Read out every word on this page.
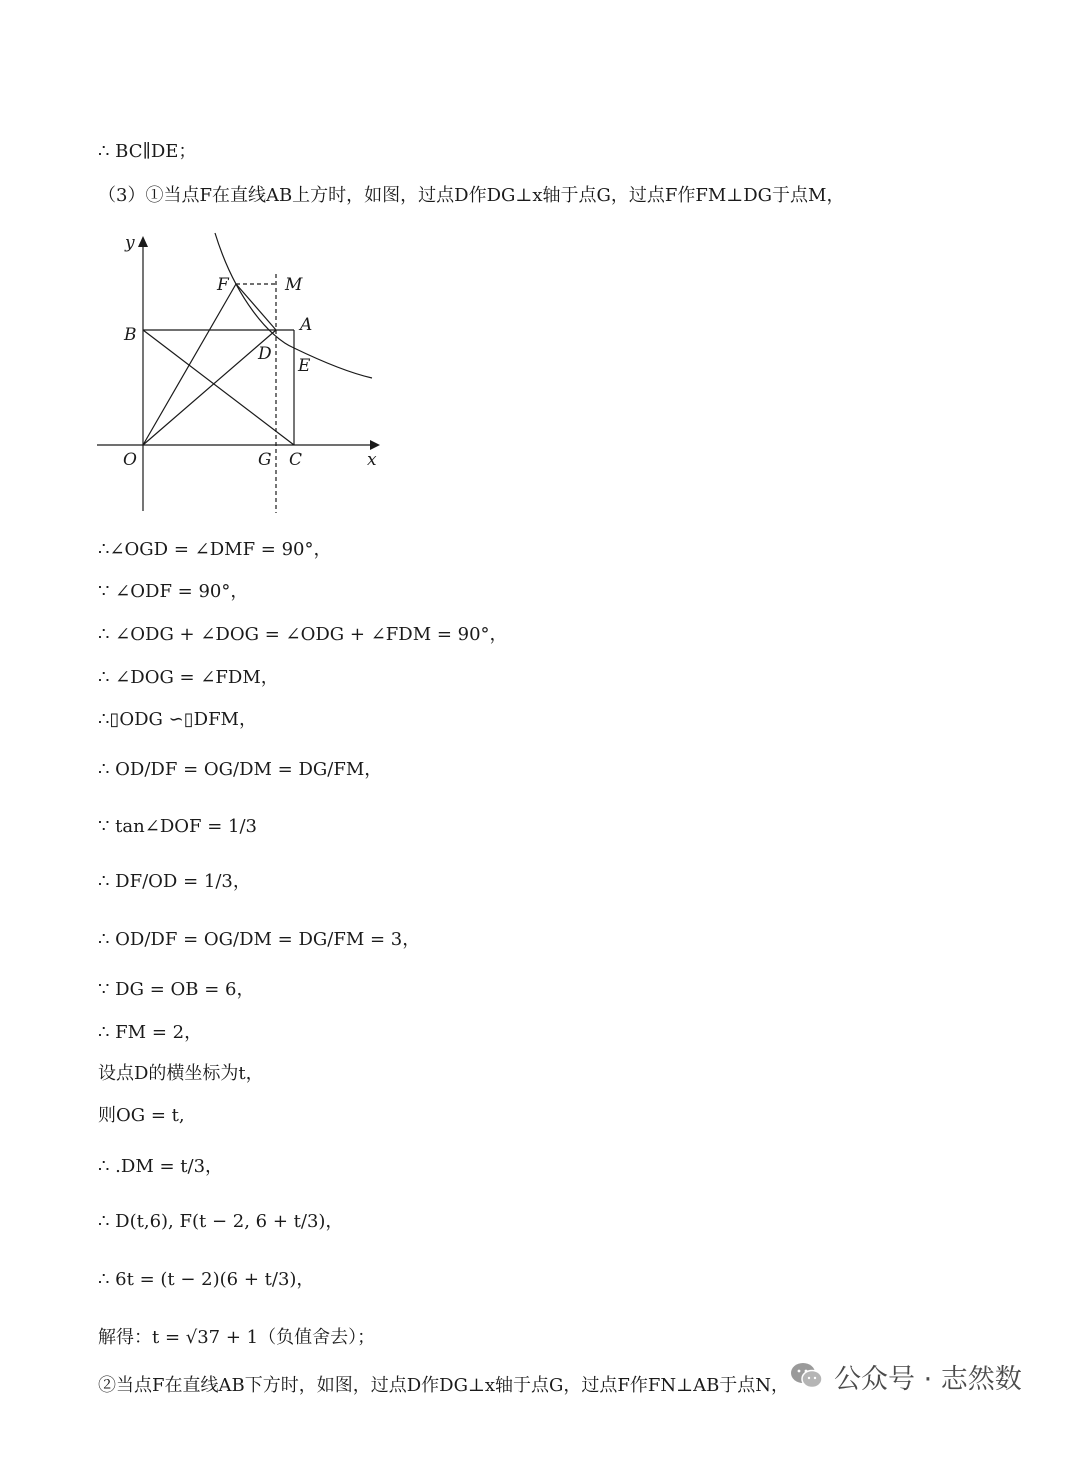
∴ BC∥DE；
（3）①当点F在直线AB上方时，如图，过点D作DG⊥x轴于点G，过点F作FM⊥DG于点M，
y
x
O
B
F	M
A
D
E
G C
∴∠OGD = ∠DMF = 90°，
∵ ∠ODF = 90°，
∴ ∠ODG + ∠DOG = ∠ODG + ∠FDM = 90°，
∴ ∠DOG = ∠FDM，
∴▯ODG ∽▯DFM，
∴ OD/DF = OG/DM = DG/FM，
∵ tan∠DOF = 1/3
∴ DF/OD = 1/3，
∴ OD/DF = OG/DM = DG/FM = 3，
∵ DG = OB = 6，
∴ FM = 2，
设点D的横坐标为t，
则OG = t,
∴ .DM = t/3，
∴ D(t,6), F(t − 2, 6 + t/3)，
∴ 6t = (t − 2)(6 + t/3)，
解得：t = √37 + 1（负值舍去）；
②当点F在直线AB下方时，如图，过点D作DG⊥x轴于点G，过点F作FN⊥AB于点N， 公众号 · 志然数
